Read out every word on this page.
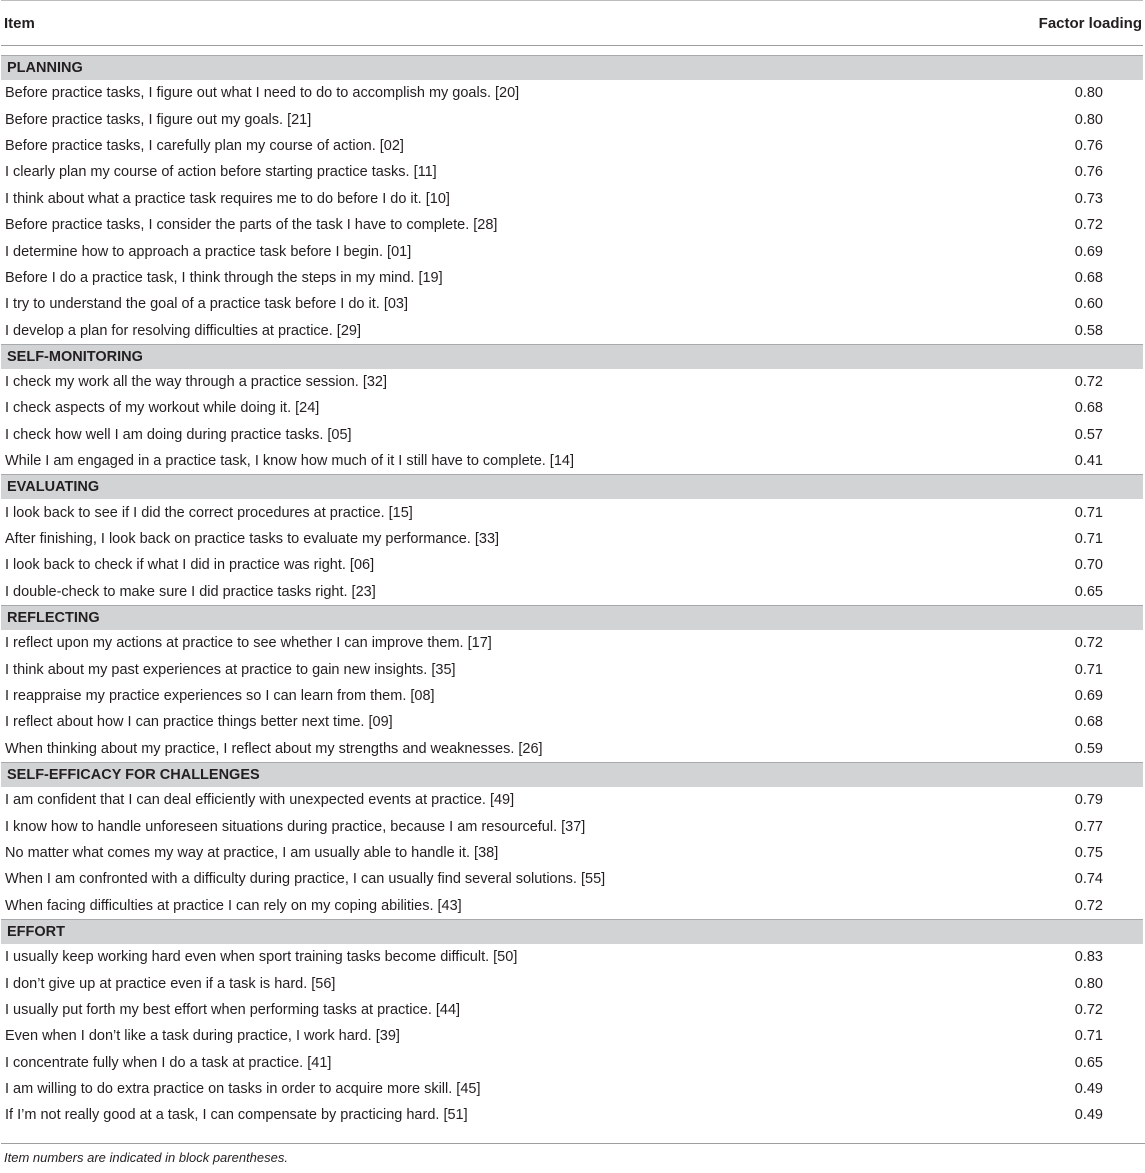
Item	Factor loading

PLANNING	
Before practice tasks, I figure out what I need to do to accomplish my goals. [20]	0.80
Before practice tasks, I figure out my goals. [21]	0.80
Before practice tasks, I carefully plan my course of action. [02]	0.76
I clearly plan my course of action before starting practice tasks. [11]	0.76
I think about what a practice task requires me to do before I do it. [10]	0.73
Before practice tasks, I consider the parts of the task I have to complete. [28]	0.72
I determine how to approach a practice task before I begin. [01]	0.69
Before I do a practice task, I think through the steps in my mind. [19]	0.68
I try to understand the goal of a practice task before I do it. [03]	0.60
I develop a plan for resolving difficulties at practice. [29]	0.58
SELF-MONITORING	
I check my work all the way through a practice session. [32]	0.72
I check aspects of my workout while doing it. [24]	0.68
I check how well I am doing during practice tasks. [05]	0.57
While I am engaged in a practice task, I know how much of it I still have to complete. [14]	0.41
EVALUATING	
I look back to see if I did the correct procedures at practice. [15]	0.71
After finishing, I look back on practice tasks to evaluate my performance. [33]	0.71
I look back to check if what I did in practice was right. [06]	0.70
I double-check to make sure I did practice tasks right. [23]	0.65
REFLECTING	
I reflect upon my actions at practice to see whether I can improve them. [17]	0.72
I think about my past experiences at practice to gain new insights. [35]	0.71
I reappraise my practice experiences so I can learn from them. [08]	0.69
I reflect about how I can practice things better next time. [09]	0.68
When thinking about my practice, I reflect about my strengths and weaknesses. [26]	0.59
SELF-EFFICACY FOR CHALLENGES	
I am confident that I can deal efficiently with unexpected events at practice. [49]	0.79
I know how to handle unforeseen situations during practice, because I am resourceful. [37]	0.77
No matter what comes my way at practice, I am usually able to handle it. [38]	0.75
When I am confronted with a difficulty during practice, I can usually find several solutions. [55]	0.74
When facing difficulties at practice I can rely on my coping abilities. [43]	0.72
EFFORT	
I usually keep working hard even when sport training tasks become difficult. [50]	0.83
I don’t give up at practice even if a task is hard. [56]	0.80
I usually put forth my best effort when performing tasks at practice. [44]	0.72
Even when I don’t like a task during practice, I work hard. [39]	0.71
I concentrate fully when I do a task at practice. [41]	0.65
I am willing to do extra practice on tasks in order to acquire more skill. [45]	0.49
If I’m not really good at a task, I can compensate by practicing hard. [51]	0.49
Item numbers are indicated in block parentheses.
